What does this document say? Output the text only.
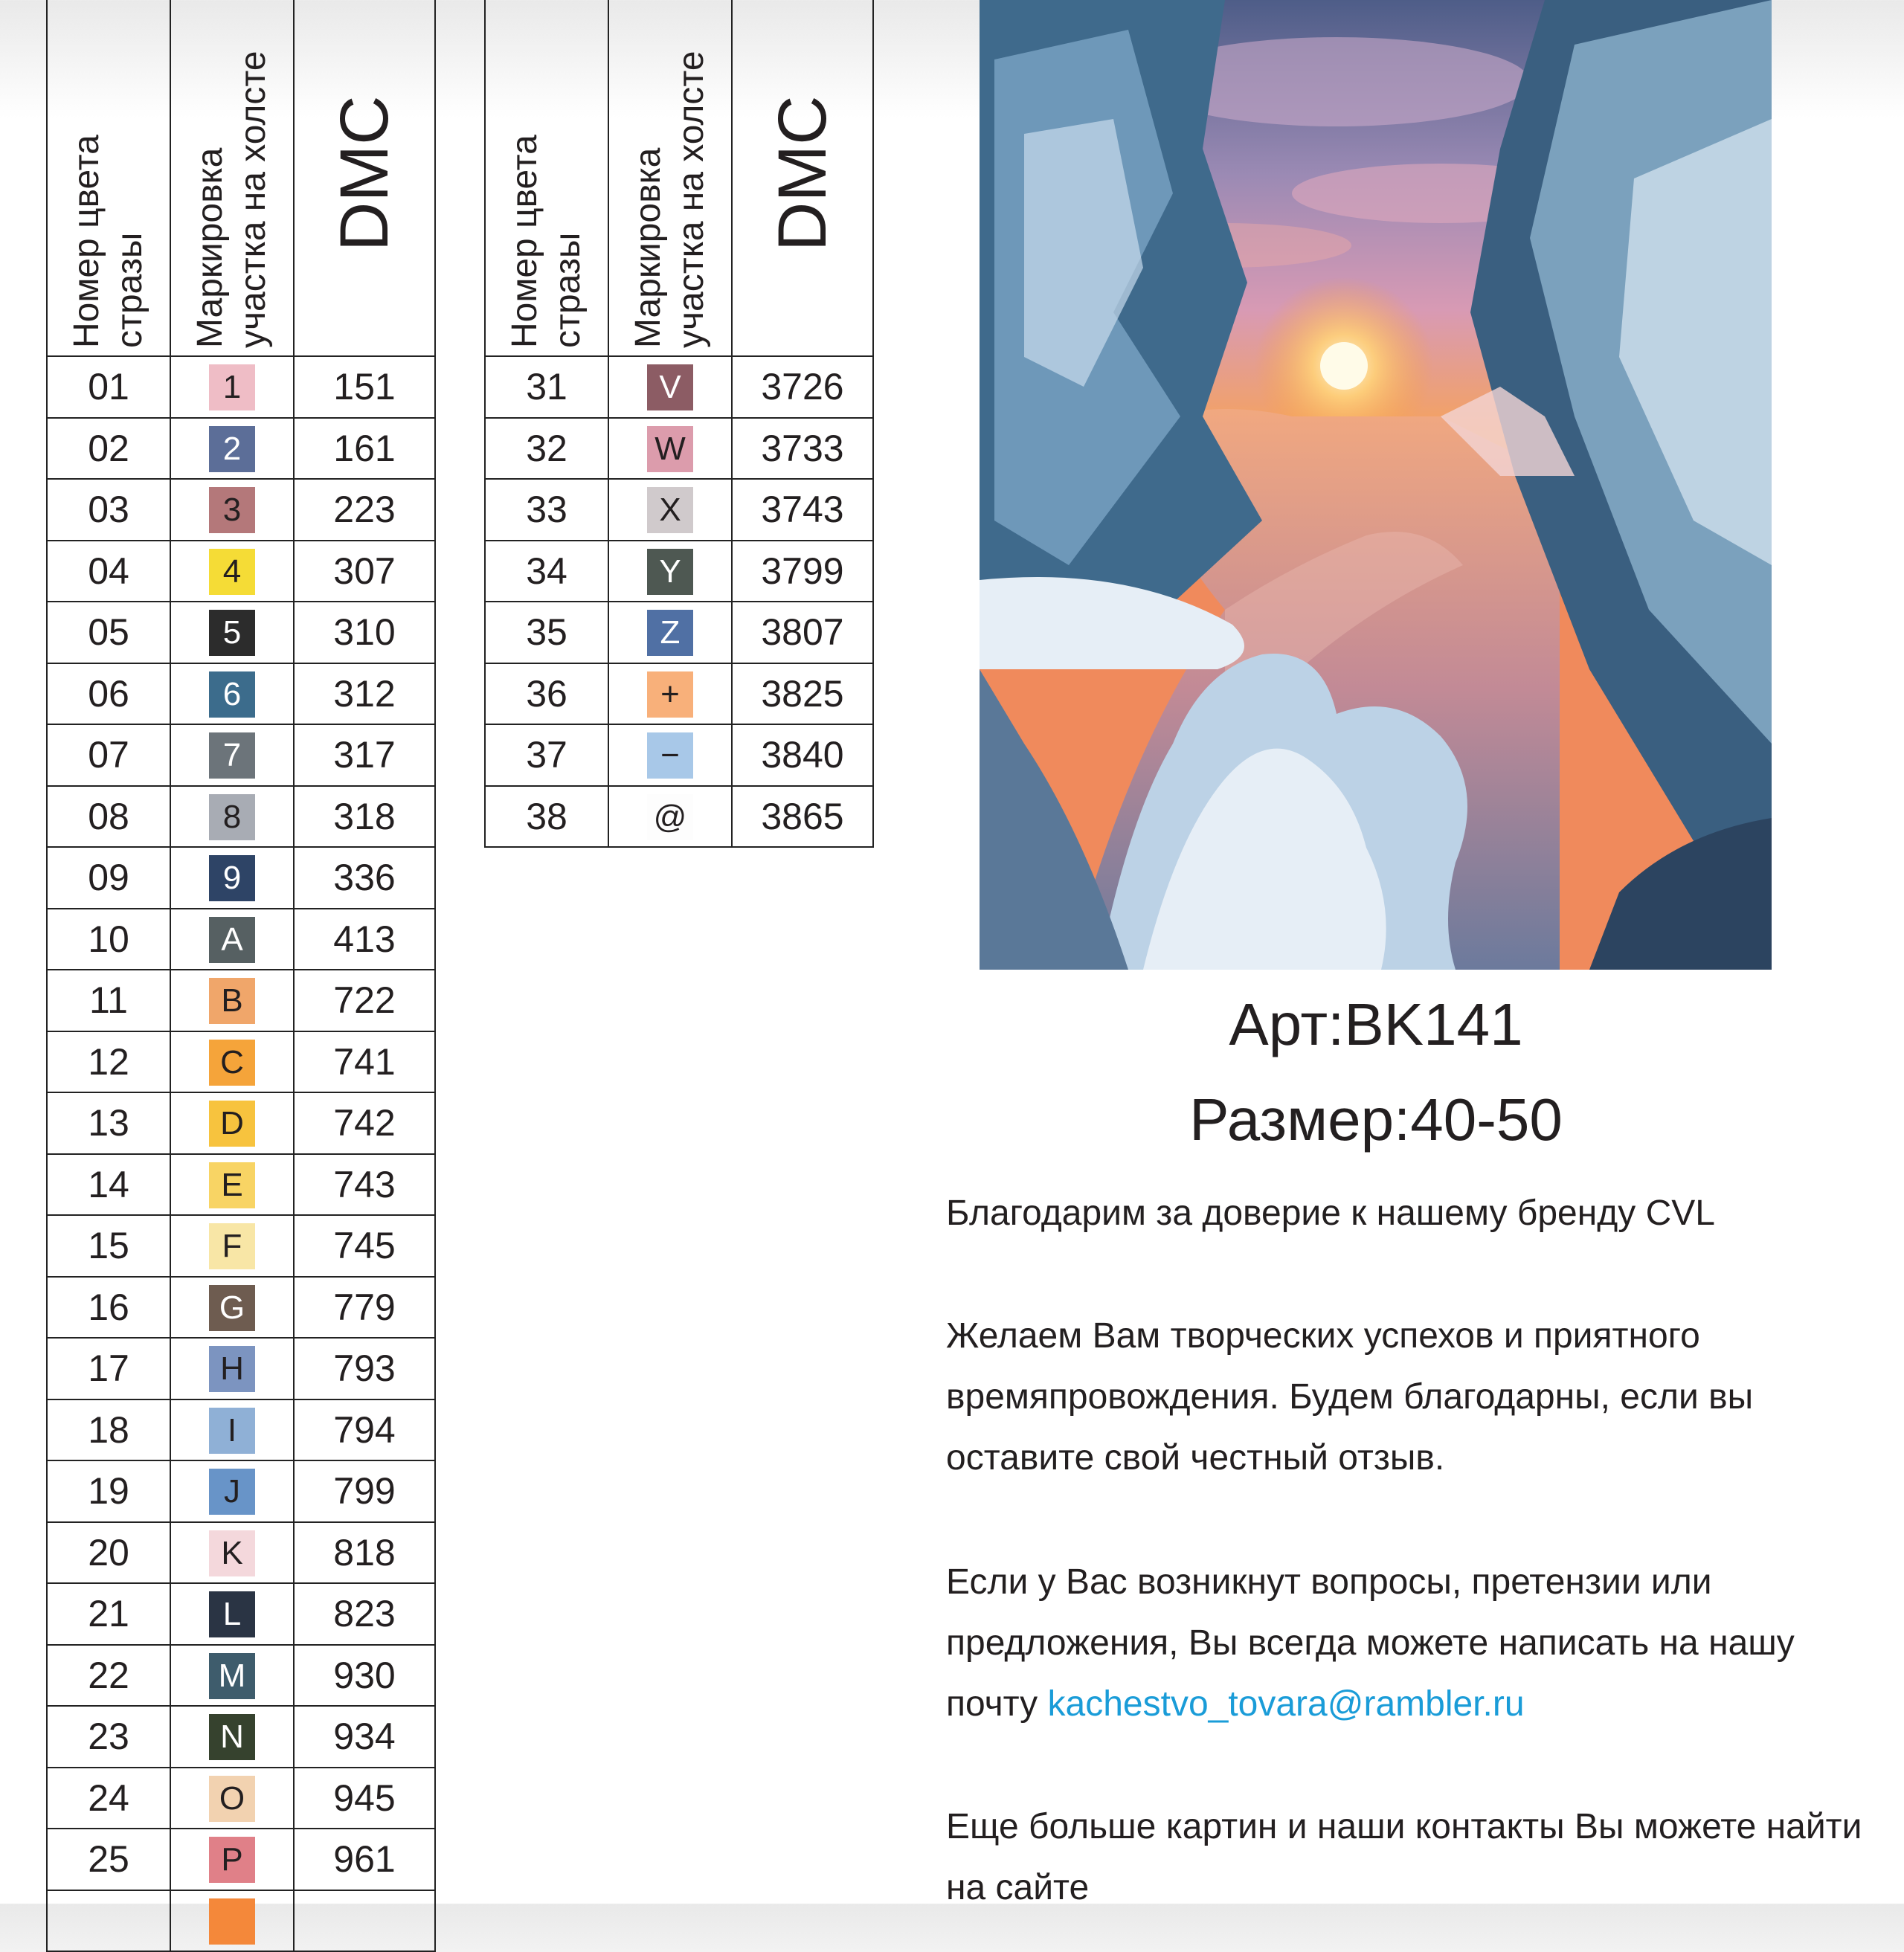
Номер цвета стразы	Маркировка участка на холсте	DMC

01	1	151
02	2	161
03	3	223
04	4	307
05	5	310
06	6	312
07	7	317
08	8	318
09	9	336
10	A	413
11	B	722
12	C	741
13	D	742
14	E	743
15	F	745
16	G	779
17	H	793
18	I	794
19	J	799
20	K	818
21	L	823
22	M	930
23	N	934
24	O	945
25	P	961

Номер цвета стразы	Маркировка участка на холсте	DMC

31	V	3726
32	W	3733
33	X	3743
34	Y	3799
35	Z	3807
36	+	3825
37	−	3840
38	@	3865
Арт:BK141
Размер:40-50

Благодарим за доверие к нашему бренду CVL

Желаем Вам творческих успехов и приятного времяпровождения. Будем благодарны, если вы оставите свой честный отзыв.

Если у Вас возникнут вопросы, претензии или предложения, Вы всегда можете написать на нашу почту kachestvo_tovara@rambler.ru

Еще больше картин и наши контакты Вы можете найти на сайте
